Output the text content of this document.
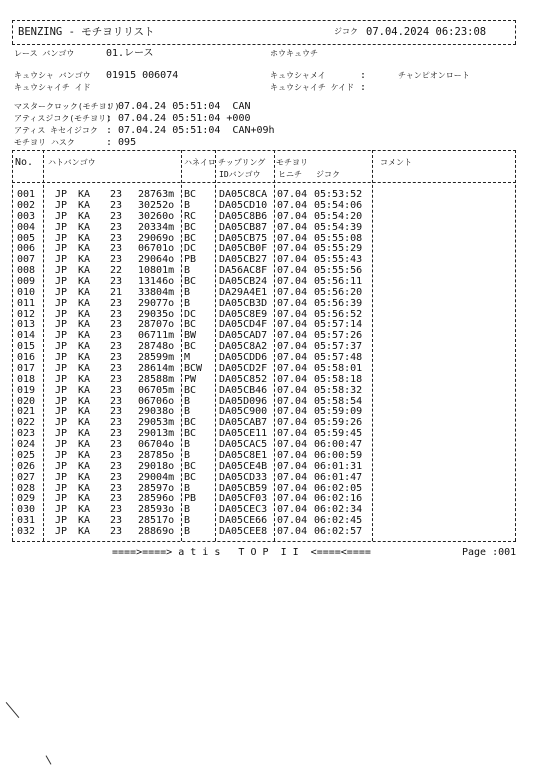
BENZING - モチヨリリスト	ジコク 07.04.2024 06:23:08
レース バンゴウ	01.レース	ホウキュウチ
キュウシャ バンゴウ 01915 006074	キュウシャメイ	:	チャンピオンロート
キュウシャイチ イド	キュウシャイチ ケイド :
マスタークロック(モチヨリ)
: 07.04.24 05:51:04  CAN
アティスジコク(モチヨリ)
: 07.04.24 05:51:04 +000
アティス キセイジコク : 07.04.24 05:51:04  CAN+09h
モチヨリ ハスク	: 095
No. ハトバンゴウ	ハネイロ チップリング
IDバンゴウ
モチヨリ
ヒニチ ジコク
コメント
001 JP KA 23 28763m BC DA05C8CA 07.04 05:53:52
002 JP KA 23 30252o B	DA05CD10 07.04 05:54:06
003 JP KA 23 30260o RC DA05C8B6 07.04 05:54:20
004 JP KA 23 20334m BC DA05CB87 07.04 05:54:39
005 JP KA 23 29069o BC DA05CB75 07.04 05:55:08
006 JP KA 23 06701o DC DA05CB0F 07.04 05:55:29
007 JP KA 23 29064o PB DA05CB27 07.04 05:55:43
008 JP KA 22 10801m B	DA56AC8F 07.04 05:55:56
009 JP KA 23 13146o BC DA05CB24 07.04 05:56:11
010 JP KA 21 33804m B	DA29A4E1 07.04 05:56:20
011 JP KA 23 29077o B	DA05CB3D 07.04 05:56:39
012 JP KA 23 29035o DC DA05C8E9 07.04 05:56:52
013 JP KA 23 28707o BC DA05CD4F 07.04 05:57:14
014 JP KA 23 06711m BW DA05CAD7 07.04 05:57:26
015 JP KA 23 28748o BC DA05C8A2 07.04 05:57:37
016 JP KA 23 28599m M	DA05CDD6 07.04 05:57:48
017 JP KA 23 28614m BCW DA05CD2F 07.04 05:58:01
018 JP KA 23 28588m PW DA05C852 07.04 05:58:18
019 JP KA 23 06705m BC DA05CB46 07.04 05:58:32
020 JP KA 23 06706o B	DA05D096 07.04 05:58:54
021 JP KA 23 29038o B	DA05C900 07.04 05:59:09
022 JP KA 23 29053m BC DA05CAB7 07.04 05:59:26
023 JP KA 23 29013m BC DA05CE11 07.04 05:59:45
024 JP KA 23 06704o B	DA05CAC5 07.04 06:00:47
025 JP KA 23 28785o B	DA05C8E1 07.04 06:00:59
026 JP KA 23 29018o BC DA05CE4B 07.04 06:01:31
027 JP KA 23 29004m BC DA05CD33 07.04 06:01:47
028 JP KA 23 28597o B	DA05CB59 07.04 06:02:05
029 JP KA 23 28596o PB DA05CF03 07.04 06:02:16
030 JP KA 23 28593o B	DA05CEC3 07.04 06:02:34
031 JP KA 23 28517o B	DA05CE66 07.04 06:02:45
032 JP KA 23 28869o B	DA05CEE8 07.04 06:02:57
====>====> a t i s   T O P  I I  <====<====	Page :001
